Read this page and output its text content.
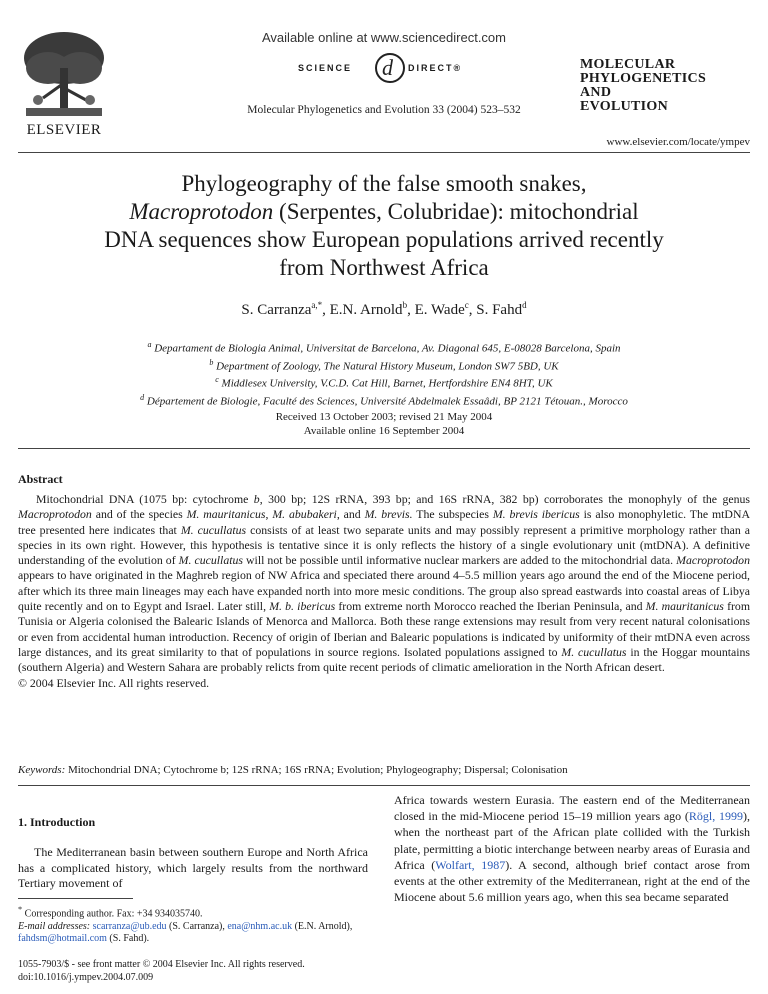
ELSEVIER
Available online at www.sciencedirect.com
d
SCIENCE	DIRECT®
Molecular Phylogenetics and Evolution 33 (2004) 523–532
MOLECULAR
PHYLOGENETICS
AND
EVOLUTION
www.elsevier.com/locate/ympev
Phylogeography of the false smooth snakes,
Macroprotodon (Serpentes, Colubridae): mitochondrial
DNA sequences show European populations arrived recently
from Northwest Africa
S. Carranza$^{a,*}$, E.N. Arnold$^b$, E. Wade$^c$, S. Fahd$^d$
$^a$ Departament de Biologia Animal, Universitat de Barcelona, Av. Diagonal 645, E-08028 Barcelona, Spain
$^b$ Department of Zoology, The Natural History Museum, London SW7 5BD, UK
$^c$ Middlesex University, V.C.D. Cat Hill, Barnet, Hertfordshire EN4 8HT, UK
$^d$ Département de Biologie, Faculté des Sciences, Université Abdelmalek Essaâdi, BP 2121 Tétouan., Morocco
Received 13 October 2003; revised 21 May 2004
Available online 16 September 2004
Abstract
Mitochondrial DNA (1075 bp: cytochrome b, 300 bp; 12S rRNA, 393 bp; and 16S rRNA, 382 bp) corroborates the monophyly of the genus Macroprotodon and of the species M. mauritanicus, M. abubakeri, and M. brevis. The subspecies M. brevis ibericus is also monophyletic. The mtDNA tree presented here indicates that M. cucullatus consists of at least two separate units and may possibly represent a primitive morphology rather than a species in its own right. However, this hypothesis is tentative since it is only reflects the history of a single evolutionary unit (mtDNA). A definitive understanding of the evolution of M. cucullatus will not be possible until informative nuclear markers are added to the mitochondrial data. Macroprotodon appears to have originated in the Maghreb region of NW Africa and speciated there around 4–5.5 million years ago around the end of the Miocene period, after which its three main lineages may each have expanded north into more mesic conditions. The group also spread eastwards into coastal areas of Libya quite recently and on to Egypt and Israel. Later still, M. b. ibericus from extreme north Morocco reached the Iberian Peninsula, and M. mauritanicus from Tunisia or Algeria colonised the Balearic Islands of Menorca and Mallorca. Both these range extensions may result from very recent natural colonisations or even from accidental human introduction. Recency of origin of Iberian and Balearic populations is indicated by uniformity of their mtDNA even across large distances, and its great similarity to that of populations in source regions. Isolated populations assigned to M. cucullatus in the Hoggar mountains (southern Algeria) and Western Sahara are probably relicts from quite recent periods of climatic amelioration in the North African desert.
© 2004 Elsevier Inc. All rights reserved.
Keywords: Mitochondrial DNA; Cytochrome b; 12S rRNA; 16S rRNA; Evolution; Phylogeography; Dispersal; Colonisation
1. Introduction
The Mediterranean basin between southern Europe and North Africa has a complicated history, which largely results from the northward Tertiary movement of
Africa towards western Eurasia. The eastern end of the Mediterranean closed in the mid-Miocene period 15–19 million years ago (Rögl, 1999), when the northeast part of the African plate collided with the Turkish plate, permitting a biotic interchange between nearby areas of Eurasia and Africa (Wolfart, 1987). A second, although brief contact arose from events at the other extremity of the Mediterranean, right at the end of the Miocene about 5.6 million years ago, when this sea became separated
* Corresponding author. Fax: +34 934035740.
E-mail addresses: scarranza@ub.edu (S. Carranza), ena@nhm.ac.uk (E.N. Arnold), fahdsm@hotmail.com (S. Fahd).
1055-7903/$ - see front matter © 2004 Elsevier Inc. All rights reserved.
doi:10.1016/j.ympev.2004.07.009
